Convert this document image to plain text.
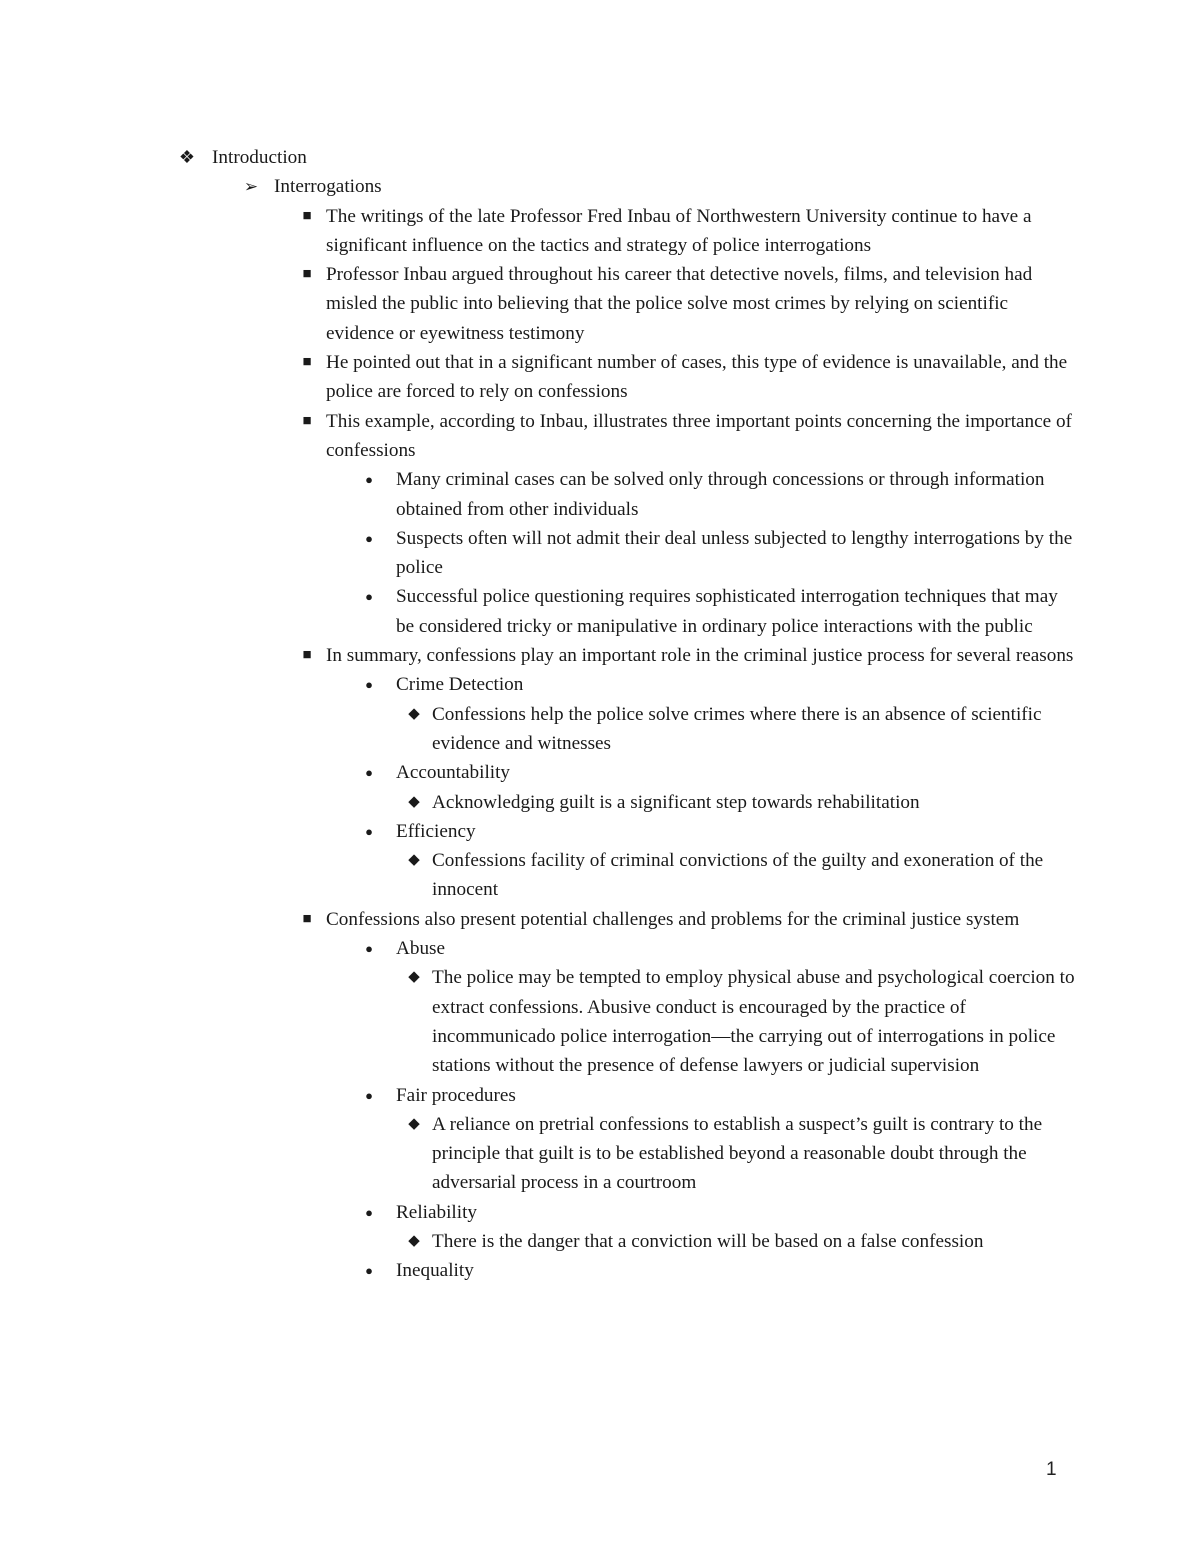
❖ Introduction
➢ Interrogations
■ The writings of the late Professor Fred Inbau of Northwestern University continue to have a significant influence on the tactics and strategy of police interrogations
■ Professor Inbau argued throughout his career that detective novels, films, and television had misled the public into believing that the police solve most crimes by relying on scientific evidence or eyewitness testimony
■ He pointed out that in a significant number of cases, this type of evidence is unavailable, and the police are forced to rely on confessions
■ This example, according to Inbau, illustrates three important points concerning the importance of confessions
● Many criminal cases can be solved only through concessions or through information obtained from other individuals
● Suspects often will not admit their deal unless subjected to lengthy interrogations by the police
● Successful police questioning requires sophisticated interrogation techniques that may be considered tricky or manipulative in ordinary police interactions with the public
■ In summary, confessions play an important role in the criminal justice process for several reasons
● Crime Detection
◆ Confessions help the police solve crimes where there is an absence of scientific evidence and witnesses
● Accountability
◆ Acknowledging guilt is a significant step towards rehabilitation
● Efficiency
◆ Confessions facility of criminal convictions of the guilty and exoneration of the innocent
■ Confessions also present potential challenges and problems for the criminal justice system
● Abuse
◆ The police may be tempted to employ physical abuse and psychological coercion to extract confessions. Abusive conduct is encouraged by the practice of incommunicado police interrogation—the carrying out of interrogations in police stations without the presence of defense lawyers or judicial supervision
● Fair procedures
◆ A reliance on pretrial confessions to establish a suspect’s guilt is contrary to the principle that guilt is to be established beyond a reasonable doubt through the adversarial process in a courtroom
● Reliability
◆ There is the danger that a conviction will be based on a false confession
● Inequality
1
